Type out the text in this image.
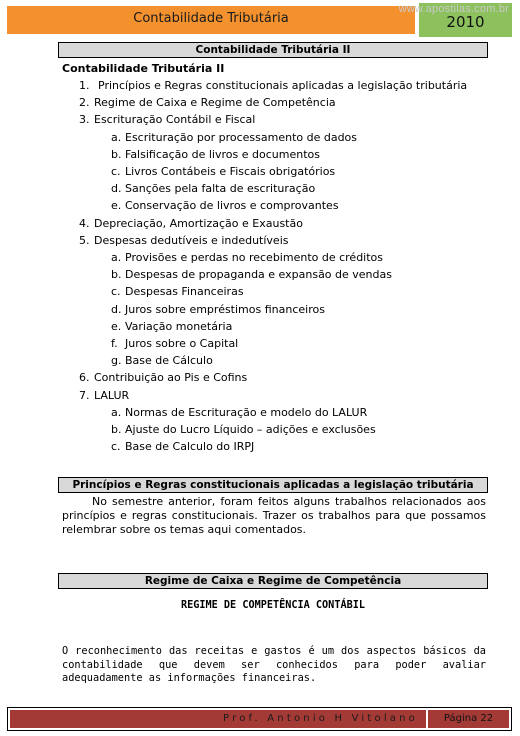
Contabilidade Tributária	2010
www.apostilas.com.br
Contabilidade Tributária II
Contabilidade Tributária II
1. Princípios e Regras constitucionais aplicadas a legislação tributária
2. Regime de Caixa e Regime de Competência
3. Escrituração Contábil e Fiscal
a. Escrituração por processamento de dados
b. Falsificação de livros e documentos
c. Livros Contábeis e Fiscais obrigatórios
d. Sanções pela falta de escrituração
e. Conservação de livros e comprovantes
4. Depreciação, Amortização e Exaustão
5. Despesas dedutíveis e indedutíveis
a. Provisões e perdas no recebimento de créditos
b. Despesas de propaganda e expansão de vendas
c. Despesas Financeiras
d. Juros sobre empréstimos financeiros
e. Variação monetária
f. Juros sobre o Capital
g. Base de Cálculo
6. Contribuição ao Pis e Cofins
7. LALUR
a. Normas de Escrituração e modelo do LALUR
b. Ajuste do Lucro Líquido – adições e exclusões
c. Base de Calculo do IRPJ
Princípios e Regras constitucionais aplicadas a legislação tributária
No semestre anterior, foram feitos alguns trabalhos relacionados aos princípios e regras constitucionais. Trazer os trabalhos para que possamos relembrar sobre os temas aqui comentados.
Regime de Caixa e Regime de Competência
REGIME DE COMPETÊNCIA CONTÁBIL
O reconhecimento das receitas e gastos é um dos aspectos básicos da contabilidade que devem ser conhecidos para poder avaliar adequadamente as informações financeiras.
Prof. Antonio H Vitolano	Página 22
